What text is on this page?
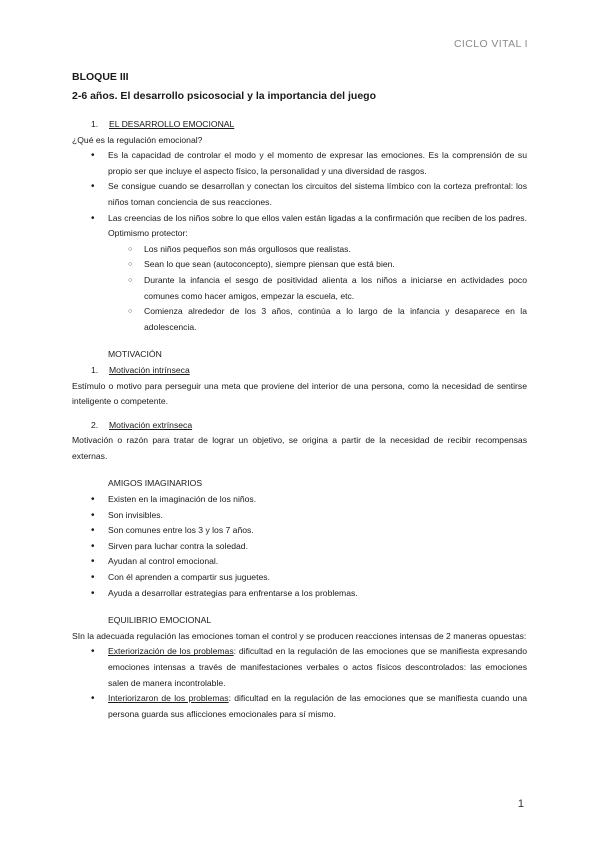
CICLO VITAL I
BLOQUE III
2-6 años. El desarrollo psicosocial y la importancia del juego

1. EL DESARROLLO EMOCIONAL

¿Qué es la regulación emocional?

• Es la capacidad de controlar el modo y el momento de expresar las emociones. Es la comprensión de su propio ser que incluye el aspecto físico, la personalidad y una diversidad de rasgos.
• Se consigue cuando se desarrollan y conectan los circuitos del sistema límbico con la corteza prefrontal: los niños toman conciencia de sus reacciones.
• Las creencias de los niños sobre lo que ellos valen están ligadas a la confirmación que reciben de los padres. Optimismo protector:
○ Los niños pequeños son más orgullosos que realistas.
○ Sean lo que sean (autoconcepto), siempre piensan que está bien.
○ Durante la infancia el sesgo de positividad alienta a los niños a iniciarse en actividades poco comunes como hacer amigos, empezar la escuela, etc.
○ Comienza alrededor de los 3 años, continúa a lo largo de la infancia y desaparece en la adolescencia.

MOTIVACIÓN

1. Motivación intrínseca

Estímulo o motivo para perseguir una meta que proviene del interior de una persona, como la necesidad de sentirse inteligente o competente.

2. Motivación extrínseca

Motivación o razón para tratar de lograr un objetivo, se origina a partir de la necesidad de recibir recompensas externas.

AMIGOS IMAGINARIOS

• Existen en la imaginación de los niños.
• Son invisibles.
• Son comunes entre los 3 y los 7 años.
• Sirven para luchar contra la soledad.
• Ayudan al control emocional.
• Con él aprenden a compartir sus juguetes.
• Ayuda a desarrollar estrategias para enfrentarse a los problemas.

EQUILIBRIO EMOCIONAL

SIn la adecuada regulación las emociones toman el control y se producen reacciones intensas de 2 maneras opuestas:

• Exteriorización de los problemas: dificultad en la regulación de las emociones que se manifiesta expresando emociones intensas a través de manifestaciones verbales o actos físicos descontrolados: las emociones salen de manera incontrolable.
• Interiorizaron de los problemas: dificultad en la regulación de las emociones que se manifiesta cuando una persona guarda sus aflicciones emocionales para sí mismo.
1
